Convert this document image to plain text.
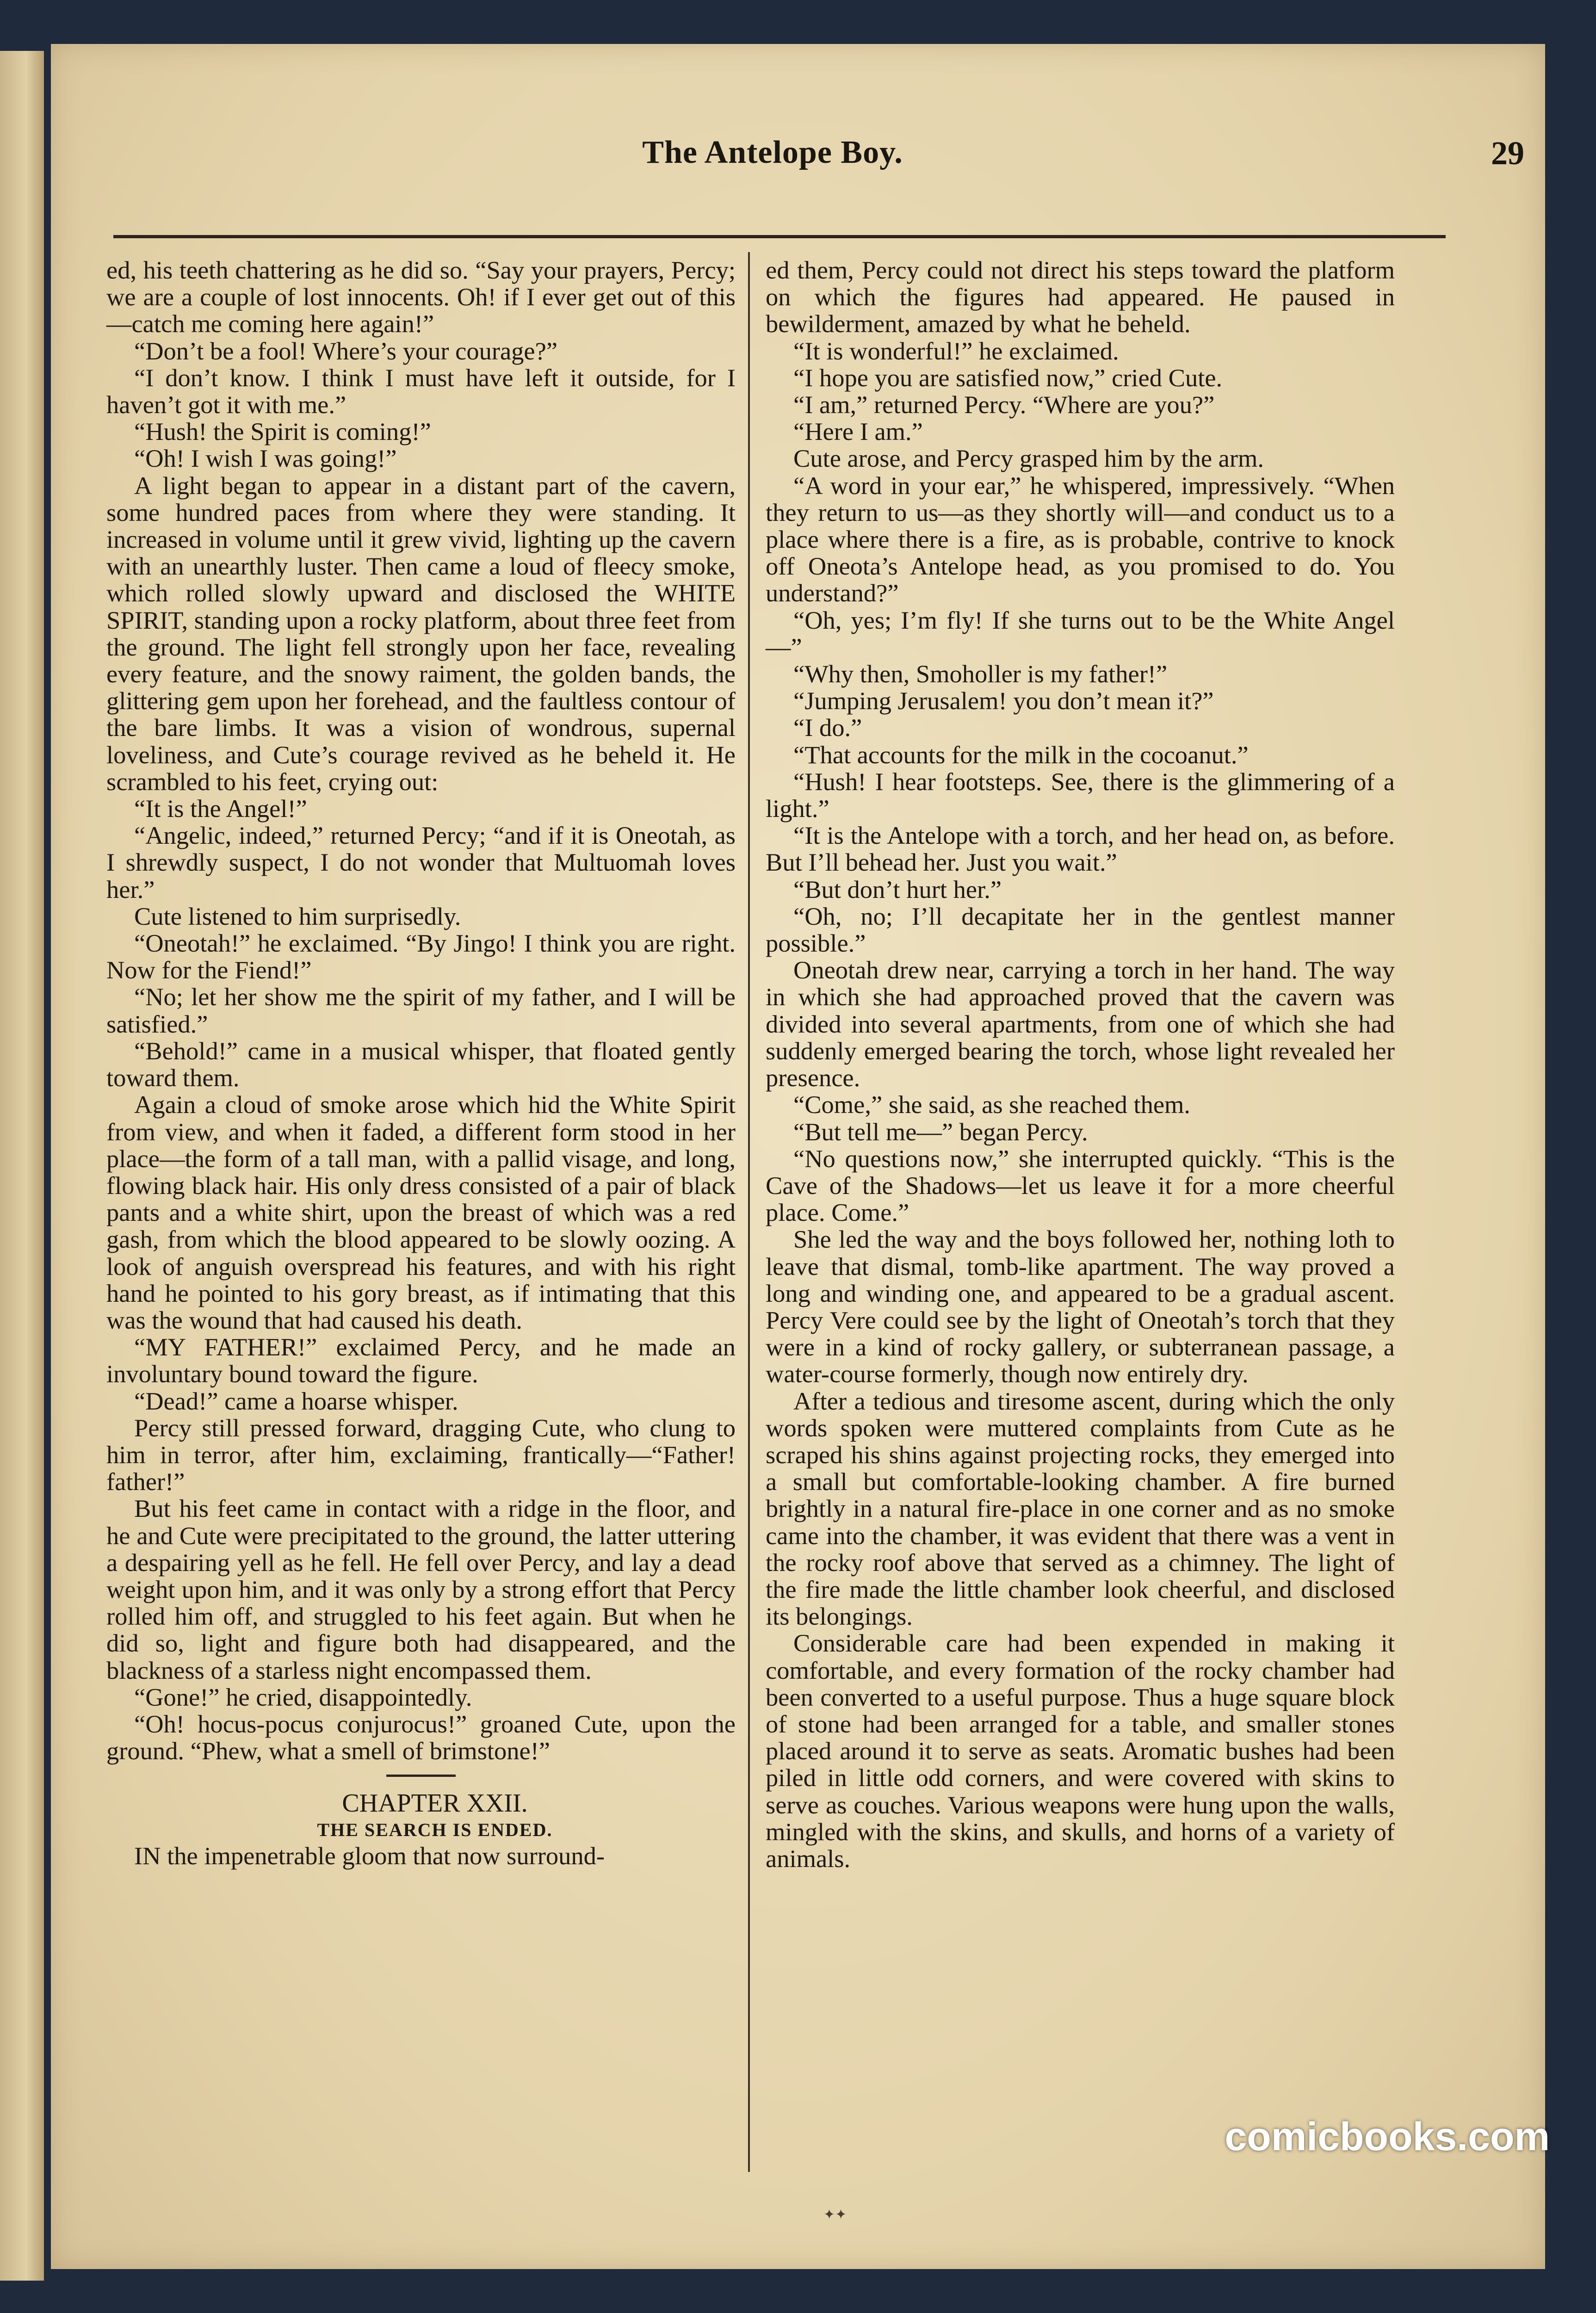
The Antelope Boy.	29

ed, his teeth chattering as he did so. “Say your prayers, Percy; we are a couple of lost innocents. Oh! if I ever get out of this—catch me coming here again!”

“Don’t be a fool! Where’s your courage?”

“I don’t know. I think I must have left it outside, for I haven’t got it with me.”

“Hush! the Spirit is coming!”

“Oh! I wish I was going!”

A light began to appear in a distant part of the cavern, some hundred paces from where they were standing. It increased in volume until it grew vivid, lighting up the cavern with an unearthly luster. Then came a loud of fleecy smoke, which rolled slowly upward and disclosed the WHITE SPIRIT, standing upon a rocky platform, about three feet from the ground. The light fell strongly upon her face, revealing every feature, and the snowy raiment, the golden bands, the glittering gem upon her forehead, and the faultless contour of the bare limbs. It was a vision of wondrous, supernal loveliness, and Cute’s courage revived as he beheld it. He scrambled to his feet, crying out:

“It is the Angel!”

“Angelic, indeed,” returned Percy; “and if it is Oneotah, as I shrewdly suspect, I do not wonder that Multuomah loves her.”

Cute listened to him surprisedly.

“Oneotah!” he exclaimed. “By Jingo! I think you are right. Now for the Fiend!”

“No; let her show me the spirit of my father, and I will be satisfied.”

“Behold!” came in a musical whisper, that floated gently toward them.

Again a cloud of smoke arose which hid the White Spirit from view, and when it faded, a different form stood in her place—the form of a tall man, with a pallid visage, and long, flowing black hair. His only dress consisted of a pair of black pants and a white shirt, upon the breast of which was a red gash, from which the blood appeared to be slowly oozing. A look of anguish overspread his features, and with his right hand he pointed to his gory breast, as if intimating that this was the wound that had caused his death.

“MY FATHER!” exclaimed Percy, and he made an involuntary bound toward the figure.

“Dead!” came a hoarse whisper.

Percy still pressed forward, dragging Cute, who clung to him in terror, after him, exclaiming, frantically—“Father! father!”

But his feet came in contact with a ridge in the floor, and he and Cute were precipitated to the ground, the latter uttering a despairing yell as he fell. He fell over Percy, and lay a dead weight upon him, and it was only by a strong effort that Percy rolled him off, and struggled to his feet again. But when he did so, light and figure both had disappeared, and the blackness of a starless night encompassed them.

“Gone!” he cried, disappointedly.

“Oh! hocus-pocus conjurocus!” groaned Cute, upon the ground. “Phew, what a smell of brimstone!”

CHAPTER XXII.

THE SEARCH IS ENDED.

IN the impenetrable gloom that now surround-

ed them, Percy could not direct his steps toward the platform on which the figures had appeared. He paused in bewilderment, amazed by what he beheld.

“It is wonderful!” he exclaimed.

“I hope you are satisfied now,” cried Cute.

“I am,” returned Percy. “Where are you?”

“Here I am.”

Cute arose, and Percy grasped him by the arm.

“A word in your ear,” he whispered, impressively. “When they return to us—as they shortly will—and conduct us to a place where there is a fire, as is probable, contrive to knock off Oneota’s Antelope head, as you promised to do. You understand?”

“Oh, yes; I’m fly! If she turns out to be the White Angel—”

“Why then, Smoholler is my father!”

“Jumping Jerusalem! you don’t mean it?”

“I do.”

“That accounts for the milk in the cocoanut.”

“Hush! I hear footsteps. See, there is the glimmering of a light.”

“It is the Antelope with a torch, and her head on, as before. But I’ll behead her. Just you wait.”

“But don’t hurt her.”

“Oh, no; I’ll decapitate her in the gentlest manner possible.”

Oneotah drew near, carrying a torch in her hand. The way in which she had approached proved that the cavern was divided into several apartments, from one of which she had suddenly emerged bearing the torch, whose light revealed her presence.

“Come,” she said, as she reached them.

“But tell me—” began Percy.

“No questions now,” she interrupted quickly. “This is the Cave of the Shadows—let us leave it for a more cheerful place. Come.”

She led the way and the boys followed her, nothing loth to leave that dismal, tomb-like apartment. The way proved a long and winding one, and appeared to be a gradual ascent. Percy Vere could see by the light of Oneotah’s torch that they were in a kind of rocky gallery, or subterranean passage, a water-course formerly, though now entirely dry.

After a tedious and tiresome ascent, during which the only words spoken were muttered complaints from Cute as he scraped his shins against projecting rocks, they emerged into a small but comfortable-looking chamber. A fire burned brightly in a natural fire-place in one corner and as no smoke came into the chamber, it was evident that there was a vent in the rocky roof above that served as a chimney. The light of the fire made the little chamber look cheerful, and disclosed its belongings.

Considerable care had been expended in making it comfortable, and every formation of the rocky chamber had been converted to a useful purpose. Thus a huge square block of stone had been arranged for a table, and smaller stones placed around it to serve as seats. Aromatic bushes had been piled in little odd corners, and were covered with skins to serve as couches. Various weapons were hung upon the walls, mingled with the skins, and skulls, and horns of a variety of animals.

✦✦
comicbooks.com
